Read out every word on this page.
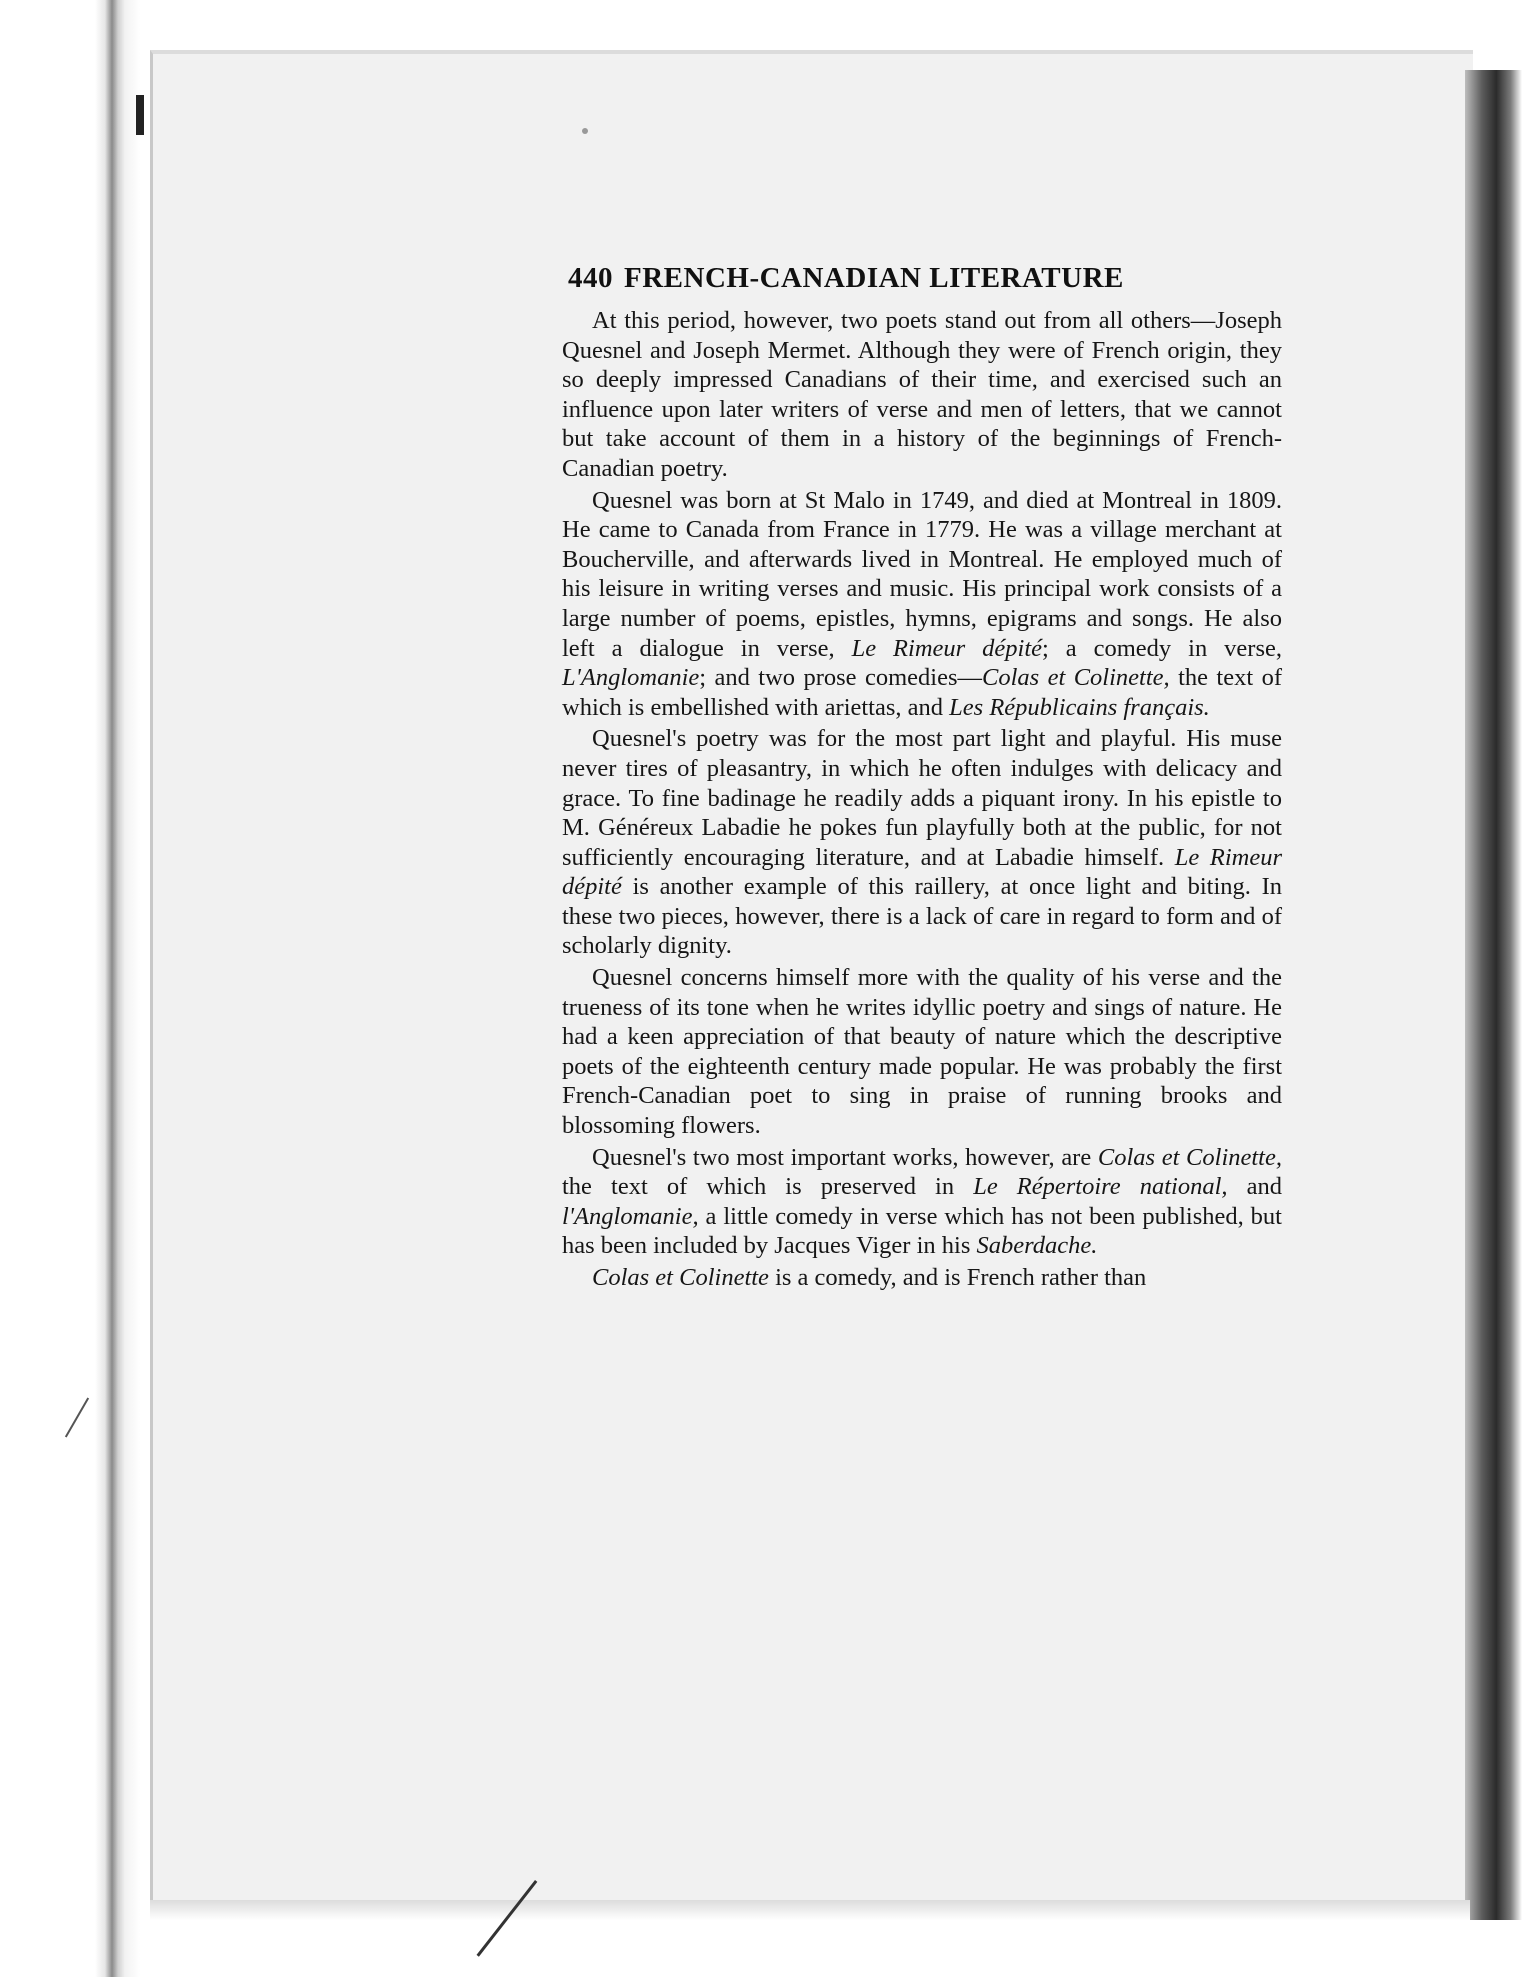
440 FRENCH-CANADIAN LITERATURE

At this period, however, two poets stand out from all others—Joseph Quesnel and Joseph Mermet. Although they were of French origin, they so deeply impressed Canadians of their time, and exercised such an influence upon later writers of verse and men of letters, that we cannot but take account of them in a history of the beginnings of French-Canadian poetry.

Quesnel was born at St Malo in 1749, and died at Montreal in 1809. He came to Canada from France in 1779. He was a village merchant at Boucherville, and afterwards lived in Montreal. He employed much of his leisure in writing verses and music. His principal work consists of a large number of poems, epistles, hymns, epigrams and songs. He also left a dialogue in verse, Le Rimeur dépité; a comedy in verse, L'Anglomanie; and two prose comedies—Colas et Colinette, the text of which is embellished with ariettas, and Les Républicains français.

Quesnel's poetry was for the most part light and playful. His muse never tires of pleasantry, in which he often indulges with delicacy and grace. To fine badinage he readily adds a piquant irony. In his epistle to M. Généreux Labadie he pokes fun playfully both at the public, for not sufficiently encouraging literature, and at Labadie himself. Le Rimeur dépité is another example of this raillery, at once light and biting. In these two pieces, however, there is a lack of care in regard to form and of scholarly dignity.

Quesnel concerns himself more with the quality of his verse and the trueness of its tone when he writes idyllic poetry and sings of nature. He had a keen appreciation of that beauty of nature which the descriptive poets of the eighteenth century made popular. He was probably the first French-Canadian poet to sing in praise of running brooks and blossoming flowers.

Quesnel's two most important works, however, are Colas et Colinette, the text of which is preserved in Le Répertoire national, and l'Anglomanie, a little comedy in verse which has not been published, but has been included by Jacques Viger in his Saberdache.

Colas et Colinette is a comedy, and is French rather than
